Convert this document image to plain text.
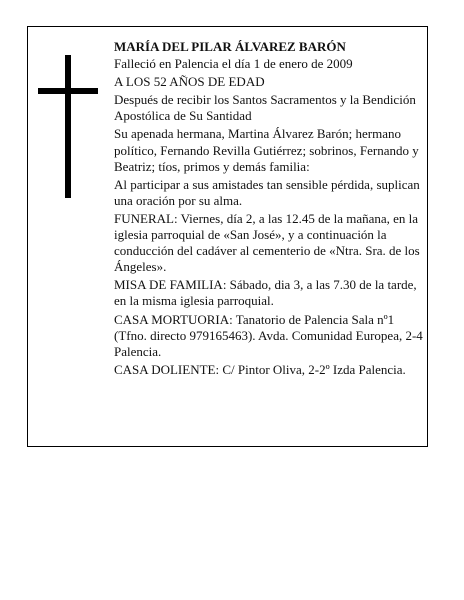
MARÍA DEL PILAR ÁLVAREZ BARÓN

Falleció en Palencia el día 1 de enero de 2009

A LOS 52 AÑOS DE EDAD

Después de recibir los Santos Sacramentos y la Bendición Apostólica de Su Santidad

Su apenada hermana, Martina Álvarez Barón; hermano político, Fernando Revilla Gutiérrez; sobrinos, Fernando y Beatriz; tíos, primos y demás familia:

Al participar a sus amistades tan sensible pérdida, suplican una oración por su alma.

FUNERAL: Viernes, día 2, a las 12.45 de la mañana, en la iglesia parroquial de «San José», y a continuación la conducción del cadáver al cementerio de «Ntra. Sra. de los Ángeles».

MISA DE FAMILIA: Sábado, dia 3, a las 7.30 de la tarde, en la misma iglesia parroquial.

CASA MORTUORIA: Tanatorio de Palencia Sala nº1 (Tfno. directo 979165463). Avda. Comunidad Europea, 2-4 Palencia.

CASA DOLIENTE: C/ Pintor Oliva, 2-2º Izda Palencia.
